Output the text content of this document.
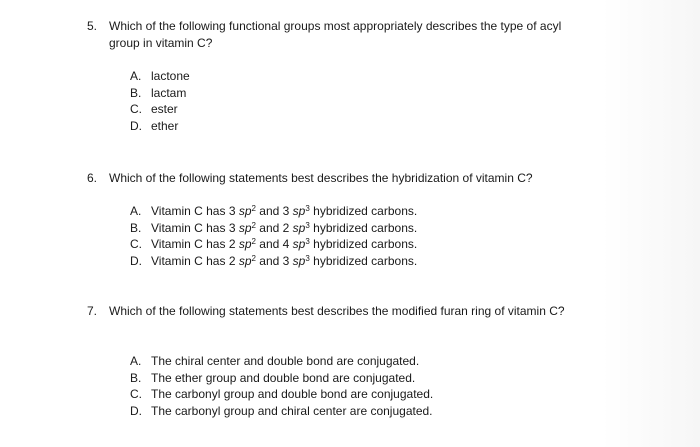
5. Which of the following functional groups most appropriately describes the type of acyl group in vitamin C?
A. lactone
B. lactam
C. ester
D. ether
6. Which of the following statements best describes the hybridization of vitamin C?
A. Vitamin C has 3 $sp^2$ and 3 $sp^3$ hybridized carbons.
B. Vitamin C has 3 $sp^2$ and 2 $sp^3$ hybridized carbons.
C. Vitamin C has 2 $sp^2$ and 4 $sp^3$ hybridized carbons.
D. Vitamin C has 2 $sp^2$ and 3 $sp^3$ hybridized carbons.
7. Which of the following statements best describes the modified furan ring of vitamin C?
A. The chiral center and double bond are conjugated.
B. The ether group and double bond are conjugated.
C. The carbonyl group and double bond are conjugated.
D. The carbonyl group and chiral center are conjugated.
